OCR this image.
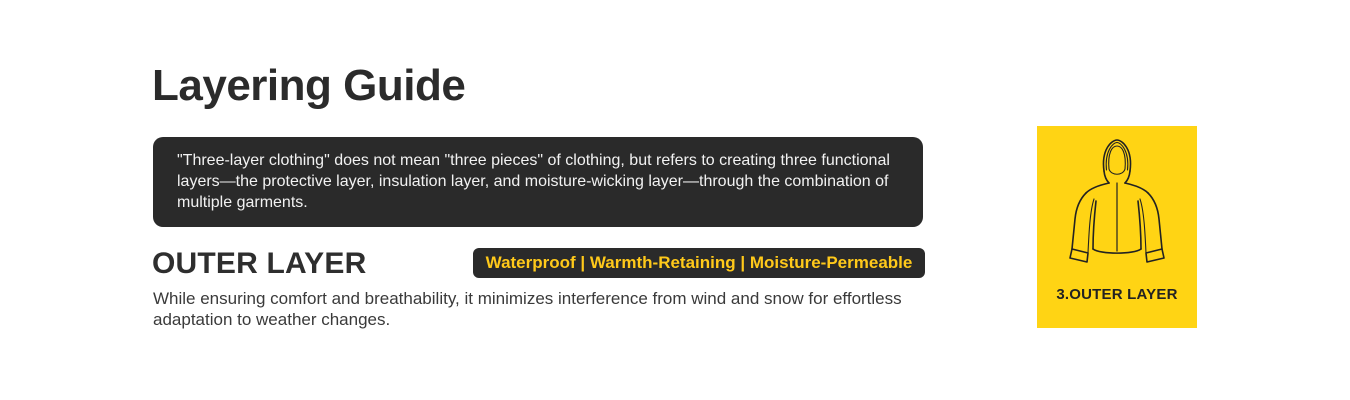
Layering Guide

"Three-layer clothing" does not mean "three pieces" of clothing, but refers to creating three functional layers—the protective layer, insulation layer, and moisture-wicking layer—through the combination of multiple garments.

OUTER LAYER	Waterproof | Warmth-Retaining | Moisture-Permeable

While ensuring comfort and breathability, it minimizes interference from wind and snow for effortless adaptation to weather changes.

3.OUTER LAYER
